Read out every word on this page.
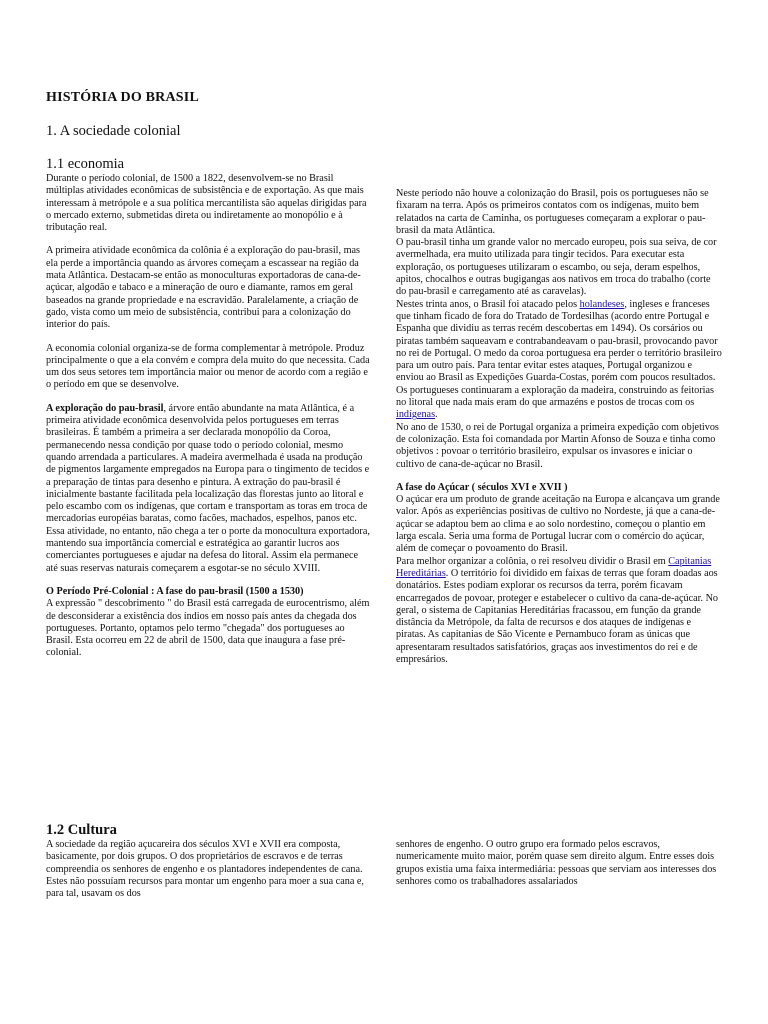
HISTÓRIA DO BRASIL
1. A sociedade colonial
1.1 economia

Durante o período colonial, de 1500 a 1822, desenvolvem-se no Brasil múltiplas atividades econômicas de subsistência e de exportação. As que mais interessam à metrópole e a sua política mercantilista são aquelas dirigidas para o mercado externo, submetidas direta ou indiretamente ao monopólio e à tributação real.

A primeira atividade econômica da colônia é a exploração do pau-brasil, mas ela perde a importância quando as árvores começam a escassear na região da mata Atlântica. Destacam-se então as monoculturas exportadoras de cana-de-açúcar, algodão e tabaco e a mineração de ouro e diamante, ramos em geral baseados na grande propriedade e na escravidão. Paralelamente, a criação de gado, vista como um meio de subsistência, contribui para a colonização do interior do país.

A economia colonial organiza-se de forma complementar à metrópole. Produz principalmente o que a ela convém e compra dela muito do que necessita. Cada um dos seus setores tem importância maior ou menor de acordo com a região e o período em que se desenvolve.

A exploração do pau-brasil, árvore então abundante na mata Atlântica, é a primeira atividade econômica desenvolvida pelos portugueses em terras brasileiras. É também a primeira a ser declarada monopólio da Coroa, permanecendo nessa condição por quase todo o período colonial, mesmo quando arrendada a particulares. A madeira avermelhada é usada na produção de pigmentos largamente empregados na Europa para o tingimento de tecidos e a preparação de tintas para desenho e pintura. A extração do pau-brasil é inicialmente bastante facilitada pela localização das florestas junto ao litoral e pelo escambo com os indígenas, que cortam e transportam as toras em troca de mercadorias européias baratas, como facões, machados, espelhos, panos etc. Essa atividade, no entanto, não chega a ter o porte da monocultura exportadora, mantendo sua importância comercial e estratégica ao garantir lucros aos comerciantes portugueses e ajudar na defesa do litoral. Assim ela permanece até suas reservas naturais começarem a esgotar-se no século XVIII.

O Período Pré-Colonial : A fase do pau-brasil (1500 a 1530)

A expressão " descobrimento " do Brasil está carregada de eurocentrismo, além de desconsiderar a existência dos índios em nosso país antes da chegada dos portugueses. Portanto, optamos pelo termo "chegada" dos portugueses ao Brasil. Esta ocorreu em 22 de abril de 1500, data que inaugura a fase pré-colonial.

Neste período não houve a colonização do Brasil, pois os portugueses não se fixaram na terra. Após os primeiros contatos com os indígenas, muito bem relatados na carta de Caminha, os portugueses começaram a explorar o pau-brasil da mata Atlântica.

O pau-brasil tinha um grande valor no mercado europeu, pois sua seiva, de cor avermelhada, era muito utilizada para tingir tecidos. Para executar esta exploração, os portugueses utilizaram o escambo, ou seja, deram espelhos, apitos, chocalhos e outras bugigangas aos nativos em troca do trabalho (corte do pau-brasil e carregamento até as caravelas).

Nestes trinta anos, o Brasil foi atacado pelos holandeses, ingleses e franceses que tinham ficado de fora do Tratado de Tordesilhas (acordo entre Portugal e Espanha que dividiu as terras recém descobertas em 1494). Os corsários ou piratas também saqueavam e contrabandeavam o pau-brasil, provocando pavor no rei de Portugal. O medo da coroa portuguesa era perder o território brasileiro para um outro país. Para tentar evitar estes ataques, Portugal organizou e enviou ao Brasil as Expedições Guarda-Costas, porém com poucos resultados.

Os portugueses continuaram a exploração da madeira, construindo as feitorias no litoral que nada mais eram do que armazéns e postos de trocas com os indígenas.

No ano de 1530, o rei de Portugal organiza a primeira expedição com objetivos de colonização. Esta foi comandada por Martin Afonso de Souza e tinha como objetivos : povoar o território brasileiro, expulsar os invasores e iniciar o cultivo de cana-de-açúcar no Brasil.

A fase do Açúcar ( séculos XVI e XVII )

O açúcar era um produto de grande aceitação na Europa e alcançava um grande valor. Após as experiências positivas de cultivo no Nordeste, já que a cana-de-açúcar se adaptou bem ao clima e ao solo nordestino, começou o plantio em larga escala. Seria uma forma de Portugal lucrar com o comércio do açúcar, além de começar o povoamento do Brasil.

Para melhor organizar a colônia, o rei resolveu dividir o Brasil em Capitanias Hereditárias. O território foi dividido em faixas de terras que foram doadas aos donatários. Estes podiam explorar os recursos da terra, porém ficavam encarregados de povoar, proteger e estabelecer o cultivo da cana-de-açúcar. No geral, o sistema de Capitanias Hereditárias fracassou, em função da grande distância da Metrópole, da falta de recursos e dos ataques de indígenas e piratas. As capitanias de São Vicente e Pernambuco foram as únicas que apresentaram resultados satisfatórios, graças aos investimentos do rei e de empresários.

1.2 Cultura

A sociedade da região açucareira dos séculos XVI e XVII era composta, basicamente, por dois grupos. O dos proprietários de escravos e de terras compreendia os senhores de engenho e os plantadores independentes de cana. Estes não possuíam recursos para montar um engenho para moer a sua cana e, para tal, usavam os dos

senhores de engenho. O outro grupo era formado pelos escravos, numericamente muito maior, porém quase sem direito algum. Entre esses dois grupos existia uma faixa intermediária: pessoas que serviam aos interesses dos senhores como os trabalhadores assalariados
